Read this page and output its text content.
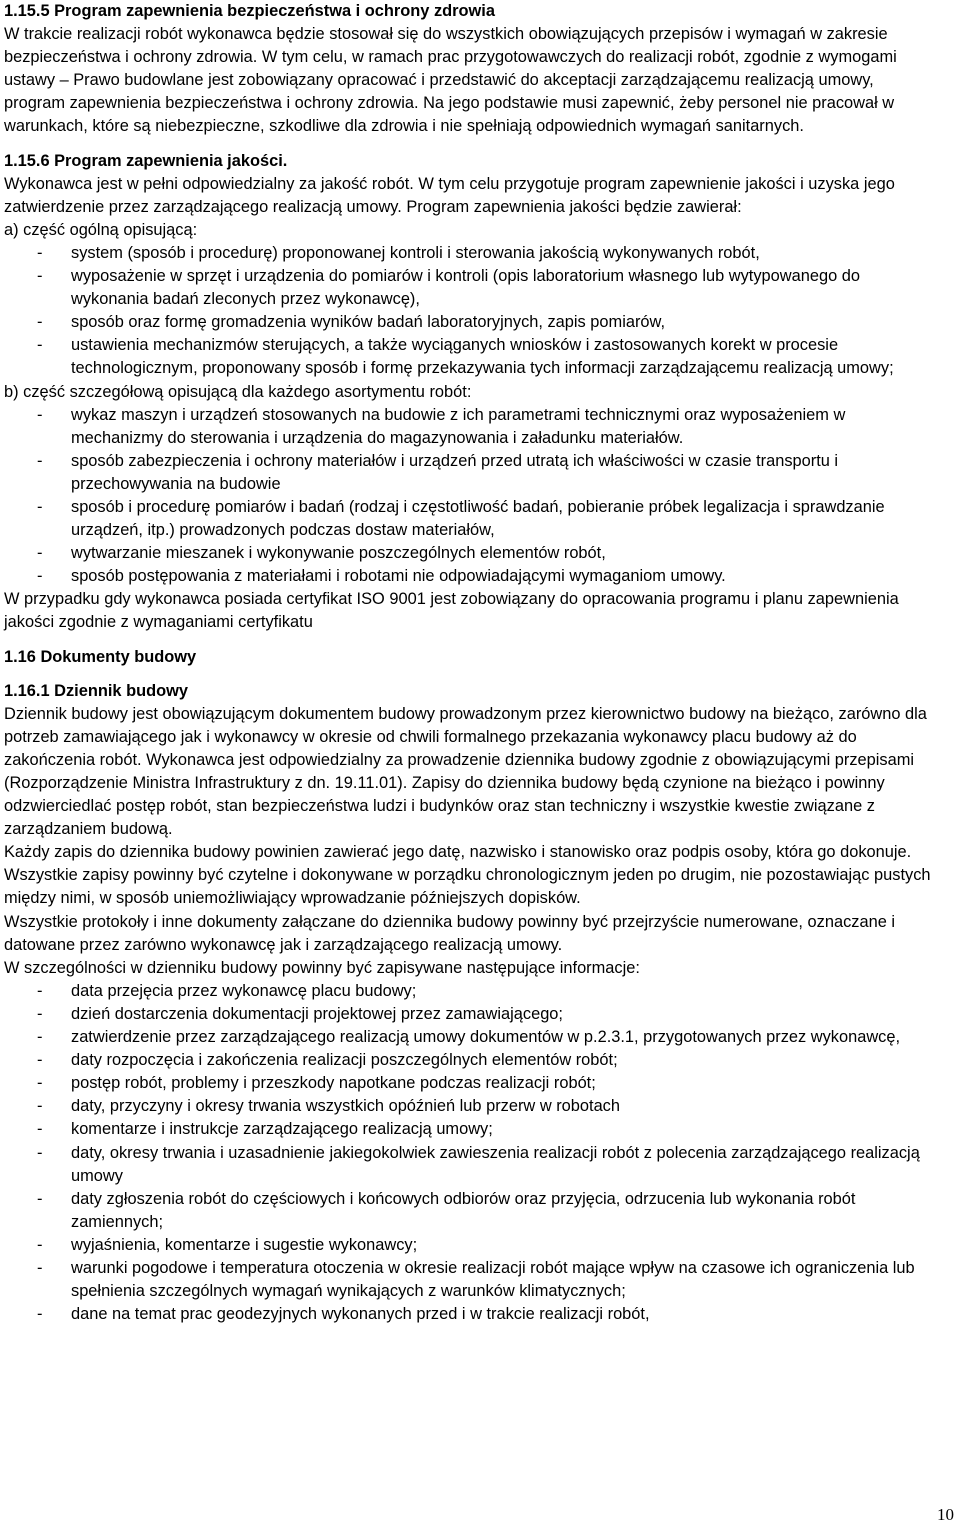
1.15.5 Program zapewnienia bezpieczeństwa i ochrony zdrowia

W trakcie realizacji robót wykonawca będzie stosował się do wszystkich obowiązujących przepisów i wymagań w zakresie bezpieczeństwa i ochrony zdrowia. W tym celu, w ramach prac przygotowawczych do realizacji robót, zgodnie z wymogami ustawy – Prawo budowlane jest zobowiązany opracować i przedstawić do akceptacji zarządzającemu realizacją umowy, program zapewnienia bezpieczeństwa i ochrony zdrowia. Na jego podstawie musi zapewnić, żeby personel nie pracował w warunkach, które są niebezpieczne, szkodliwe dla zdrowia i nie spełniają odpowiednich wymagań sanitarnych.

1.15.6 Program zapewnienia jakości.

Wykonawca jest w pełni odpowiedzialny za jakość robót. W tym celu przygotuje program zapewnienie jakości i uzyska jego zatwierdzenie przez zarządzającego realizacją umowy. Program zapewnienia jakości będzie zawierał:

a) część ogólną opisującą:

- system (sposób i procedurę) proponowanej kontroli i sterowania jakością wykonywanych robót,
- wyposażenie w sprzęt i urządzenia do pomiarów i kontroli (opis laboratorium własnego lub wytypowanego do wykonania badań zleconych przez wykonawcę),
- sposób oraz formę gromadzenia wyników badań laboratoryjnych, zapis pomiarów,
- ustawienia mechanizmów sterujących, a także wyciąganych wniosków i zastosowanych korekt w procesie technologicznym, proponowany sposób i formę przekazywania tych informacji zarządzającemu realizacją umowy;

b) część szczegółową opisującą dla każdego asortymentu robót:

- wykaz maszyn i urządzeń stosowanych na budowie z ich parametrami technicznymi oraz wyposażeniem w mechanizmy do sterowania i urządzenia do magazynowania i załadunku materiałów.
- sposób zabezpieczenia i ochrony materiałów i urządzeń przed utratą ich właściwości w czasie transportu i przechowywania na budowie
- sposób i procedurę pomiarów i badań (rodzaj i częstotliwość badań, pobieranie próbek legalizacja i sprawdzanie urządzeń, itp.) prowadzonych podczas dostaw materiałów,
- wytwarzanie mieszanek i wykonywanie poszczególnych elementów robót,
- sposób postępowania z materiałami i robotami nie odpowiadającymi wymaganiom umowy.

W przypadku gdy wykonawca posiada certyfikat ISO 9001 jest zobowiązany do opracowania programu i planu zapewnienia jakości zgodnie z wymaganiami certyfikatu

1.16 Dokumenty budowy

1.16.1 Dziennik budowy

Dziennik budowy jest obowiązującym dokumentem budowy prowadzonym przez kierownictwo budowy na bieżąco, zarówno dla potrzeb zamawiającego jak i wykonawcy w okresie od chwili formalnego przekazania wykonawcy placu budowy aż do zakończenia robót. Wykonawca jest odpowiedzialny za prowadzenie dziennika budowy zgodnie z obowiązującymi przepisami (Rozporządzenie Ministra Infrastruktury z dn. 19.11.01). Zapisy do dziennika budowy będą czynione na bieżąco i powinny odzwierciedlać postęp robót, stan bezpieczeństwa ludzi i budynków oraz stan techniczny i wszystkie kwestie związane z zarządzaniem budową.

Każdy zapis do dziennika budowy powinien zawierać jego datę, nazwisko i stanowisko oraz podpis osoby, która go dokonuje. Wszystkie zapisy powinny być czytelne i dokonywane w porządku chronologicznym jeden po drugim, nie pozostawiając pustych między nimi, w sposób uniemożliwiający wprowadzanie późniejszych dopisków.

Wszystkie protokoły i inne dokumenty załączane do dziennika budowy powinny być przejrzyście numerowane, oznaczane i datowane przez zarówno wykonawcę jak i zarządzającego realizacją umowy.

W szczególności w dzienniku budowy powinny być zapisywane następujące informacje:

- data przejęcia przez wykonawcę placu budowy;
- dzień dostarczenia dokumentacji projektowej przez zamawiającego;
- zatwierdzenie przez zarządzającego realizacją umowy dokumentów w p.2.3.1, przygotowanych przez wykonawcę,
- daty rozpoczęcia i zakończenia realizacji poszczególnych elementów robót;
- postęp robót, problemy i przeszkody napotkane podczas realizacji robót;
- daty, przyczyny i okresy trwania wszystkich opóźnień lub przerw w robotach
- komentarze i instrukcje zarządzającego realizacją umowy;
- daty, okresy trwania i uzasadnienie jakiegokolwiek zawieszenia realizacji robót z polecenia zarządzającego realizacją umowy
- daty zgłoszenia robót do częściowych i końcowych odbiorów oraz przyjęcia, odrzucenia lub wykonania robót zamiennych;
- wyjaśnienia, komentarze i sugestie wykonawcy;
- warunki pogodowe i temperatura otoczenia w okresie realizacji robót mające wpływ na czasowe ich ograniczenia lub spełnienia szczególnych wymagań wynikających z warunków klimatycznych;
- dane na temat prac geodezyjnych wykonanych przed i w trakcie realizacji robót,
10
